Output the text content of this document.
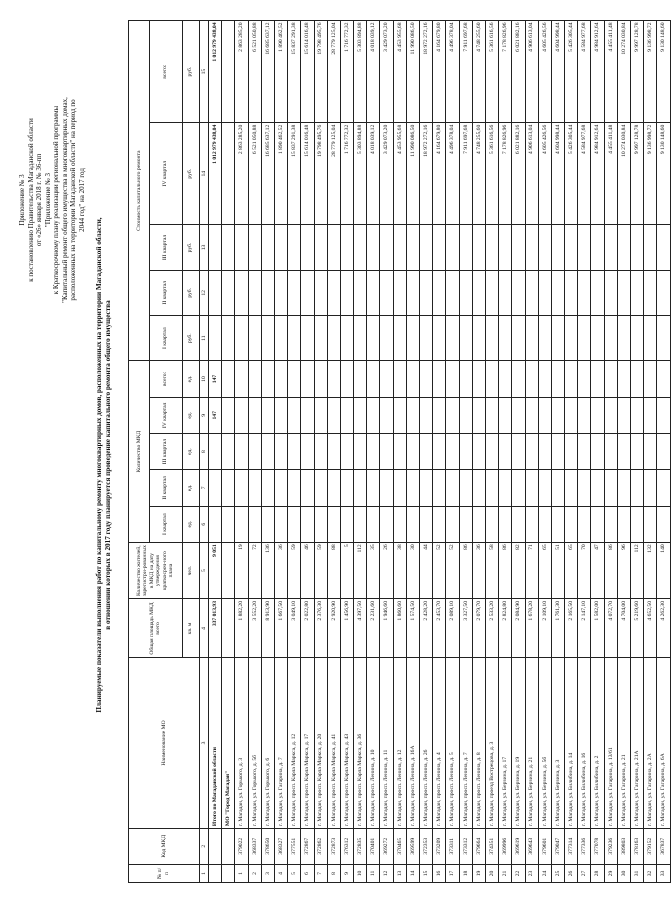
Приложение № 3 к постановлению Правительства Магаданской области от «26» января 2018 г. № 36-пп "Приложение № 3 к Краткосрочному плану реализации региональной программы "Капитальный ремонт общего имущества в многоквартирных домах, расположенных на территории Магаданской области" на период по 2044 год" на 2017 год
Планируемые показатели выполнения работ по капитальному ремонту многоквартирных домов, расположенных на территории Магаданской области, в отношении которых в 2017 году планируется проведение капитального ремонта общего имущества
№ п/п	Код МКД	Наименование МО	Общая площадь МКД всего	Количество жителей, зарегистри-рованных в МКД на дату утверждения краткосроч-ного плана	Количество МКД					Стоимость капитального ремонта				
					I квартал	II квартал	III квартал	IV квартал	всего:	I квартал	II квартал	III квартал	IV квартал	всего:
			кв. м	чел.	ед.	ед.	ед.	ед.	ед.	руб.	руб.	руб.	руб.	руб.
1	2	3	4	5	6	7	8	9	10	11	12	13	14	15
		Итого по Магаданской области	337 013,93	9 051				147	147				1 012 979 438,04	1 012 979 438,04
		МО "Город Магадан"												
1	379022	г. Магадан, ул. Горького, д. 3	1 882,20	19									2 863 285,20	2 863 285,20
2	368337	г. Магадан, ул. Горького, д. 5б	3 552,20	72									6 521 050,88	6 521 050,88
3	378650	г. Магадан, ул. Горького, д. 6	8 913,90	136									16 685 637,12	16 685 637,12
4	368327	г. Магадан, ул. Гагарина, д. 7	1 667,50	36									1 890 462,52	1 890 462,52
5	377551	г. Магадан, просп. Карла Маркса, д. 12	3 049,10	59									15 837 291,38	15 837 291,38
6	372867	г. Магадан, просп. Карла Маркса, д. 17	2 022,80	46									15 614 016,48	15 614 016,48
7	372862	г. Магадан, просп. Карла Маркса, д. 20	2 376,30	59									19 798 495,76	19 798 495,76
8	372873	г. Магадан, просп. Карла Маркса, д. 41	2 920,90	88									28 779 125,04	28 779 125,04
9	376312	г. Магадан, просп. Карла Маркса, д. 43	1 456,90	5									1 716 772,32	1 716 772,32
10	372835	г. Магадан, просп. Карла Маркса, д. 36	4 397,50	112									5 303 894,88	5 303 894,88
11	370401	г. Магадан, просп. Ленина, д. 10	2 231,60	35									4 018 039,12	4 018 039,12
12	369272	г. Магадан, просп. Ленина, д. 11	1 946,60	26									3 429 073,20	3 429 073,20
13	370465	г. Магадан, просп. Ленина, д. 12	1 860,60	38									4 453 955,68	4 453 955,68
14	369599	г. Магадан, просп. Ленина, д. 16А	1 574,50	30									11 990 086,50	11 990 086,50
15	372353	г. Магадан, просп. Ленина, д. 26	2 428,20	44									18 972 272,16	18 972 272,16
16	373209	г. Магадан, просп. Ленина, д. 4	2 453,70	52									4 164 679,80	4 164 679,80
17	373311	г. Магадан, просп. Ленина, д. 5	2 089,10	52									4 496 378,04	4 496 378,04
18	373312	г. Магадан, просп. Ленина, д. 7	3 327,50	86									7 911 697,68	7 911 697,68
19	379664	г. Магадан, просп. Ленина, д. 8	2 079,70	36									4 748 255,60	4 748 255,60
20	374351	г. Магадан, проезд Вострецова, д. 3	2 533,20	58									5 361 616,56	5 361 616,56
21	369996	г. Магадан, ул. Берзина, д. 17	2 824,80	86									7 178 826,96	7 178 826,96
22	369619	г. Магадан, ул. Берзина, д. 19	2 084,90	82									6 021 882,16	6 021 882,16
23	369643	г. Магадан, ул. Берзина, д. 21	1 678,20	71									4 906 613,04	4 906 613,04
24	379601	г. Магадан, ул. Берзина, д. 5б	2 109,10	65									4 605 426,56	4 605 426,56
25	379047	г. Магадан, ул. Берзина, д. 3	1 761,30	51									4 604 998,44	4 604 998,44
26	377314	г. Магадан, ул. Билибина, д. 14	2 165,50	65									5 426 305,44	5 426 305,44
27	377336	г. Магадан, ул. Билибина, д. 16	2 147,10	70									4 584 977,68	4 584 977,68
28	377078	г. Магадан, ул. Билибина, д. 2	1 582,00	47									4 984 912,64	4 984 912,64
29	379236	г. Магадан, ул. Гагарина, д. 13/61	4 072,70	86									4 455 411,48	4 455 411,48
30	389803	г. Магадан, ул. Гагарина, д. 21	4 704,00	96									10 274 030,84	10 274 030,84
31	378163	г. Магадан, ул. Гагарина, д. 21А	5 219,60	112									9 997 128,78	9 997 128,78
32	379152	г. Магадан, ул. Гагарина, д. 2А	4 652,50	132									9 136 998,72	9 136 998,72
33	367837	г. Магадан, ул. Гагарина, д. 6А	4 262,30	140									9 130 148,60	9 130 148,60
